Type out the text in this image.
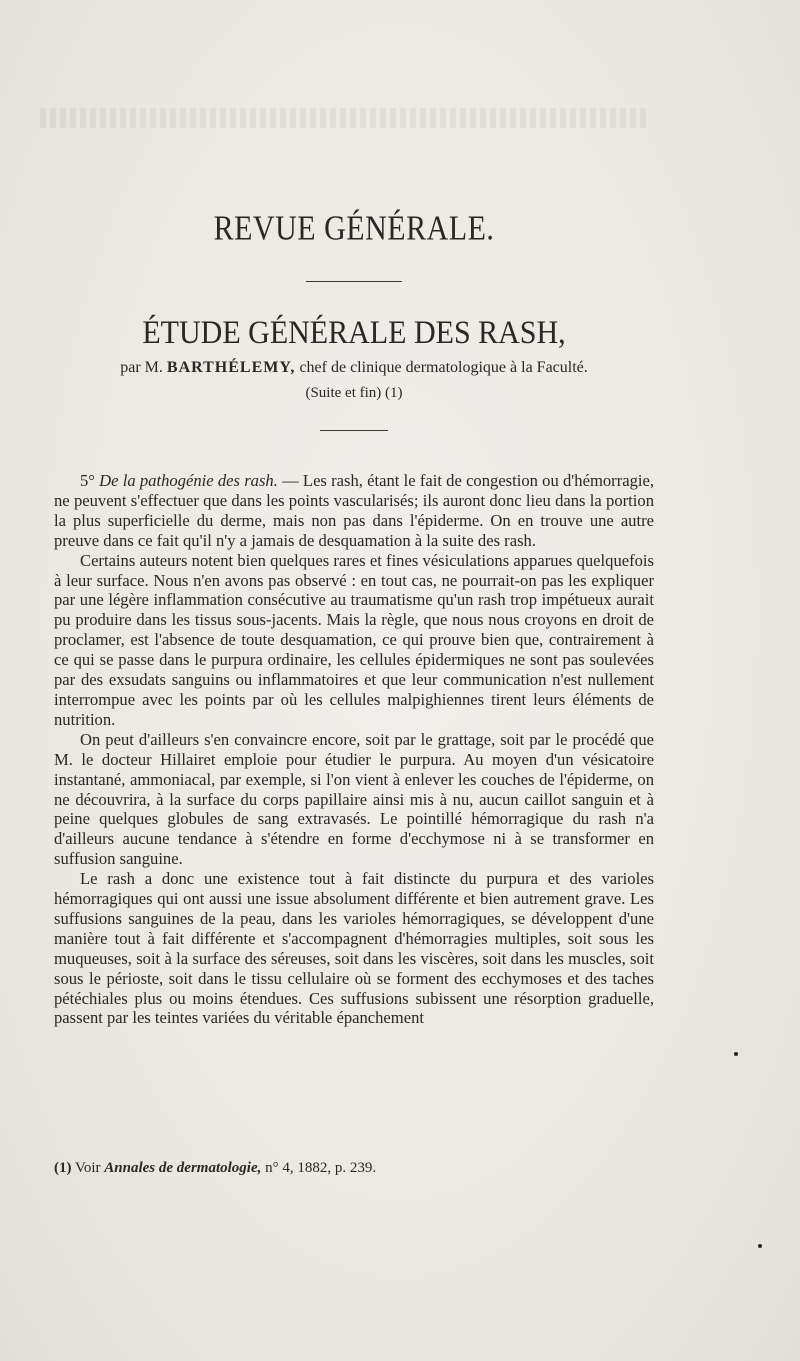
REVUE GÉNÉRALE.
ÉTUDE GÉNÉRALE DES RASH,
par M. BARTHÉLEMY, chef de clinique dermatologique à la Faculté.
(Suite et fin) (1)

5° De la pathogénie des rash. — Les rash, étant le fait de congestion ou d'hémorragie, ne peuvent s'effectuer que dans les points vascularisés; ils auront donc lieu dans la portion la plus superficielle du derme, mais non pas dans l'épiderme. On en trouve une autre preuve dans ce fait qu'il n'y a jamais de desquamation à la suite des rash.

Certains auteurs notent bien quelques rares et fines vésiculations apparues quelquefois à leur surface. Nous n'en avons pas observé : en tout cas, ne pourrait-on pas les expliquer par une légère inflammation consécutive au traumatisme qu'un rash trop impétueux aurait pu produire dans les tissus sous-jacents. Mais la règle, que nous nous croyons en droit de proclamer, est l'absence de toute desquamation, ce qui prouve bien que, contrairement à ce qui se passe dans le purpura ordinaire, les cellules épidermiques ne sont pas soulevées par des exsudats sanguins ou inflammatoires et que leur communication n'est nullement interrompue avec les points par où les cellules malpighiennes tirent leurs éléments de nutrition.

On peut d'ailleurs s'en convaincre encore, soit par le grattage, soit par le procédé que M. le docteur Hillairet emploie pour étudier le purpura. Au moyen d'un vésicatoire instantané, ammoniacal, par exemple, si l'on vient à enlever les couches de l'épiderme, on ne découvrira, à la surface du corps papillaire ainsi mis à nu, aucun caillot sanguin et à peine quelques globules de sang extravasés. Le pointillé hémorragique du rash n'a d'ailleurs aucune tendance à s'étendre en forme d'ecchymose ni à se transformer en suffusion sanguine.

Le rash a donc une existence tout à fait distincte du purpura et des varioles hémorragiques qui ont aussi une issue absolument différente et bien autrement grave. Les suffusions sanguines de la peau, dans les varioles hémorragiques, se développent d'une manière tout à fait différente et s'accompagnent d'hémorragies multiples, soit sous les muqueuses, soit à la surface des séreuses, soit dans les viscères, soit dans les muscles, soit sous le périoste, soit dans le tissu cellulaire où se forment des ecchymoses et des taches pétéchiales plus ou moins étendues. Ces suffusions subissent une résorption graduelle, passent par les teintes variées du véritable épanchement

(1) Voir Annales de dermatologie, n° 4, 1882, p. 239.
